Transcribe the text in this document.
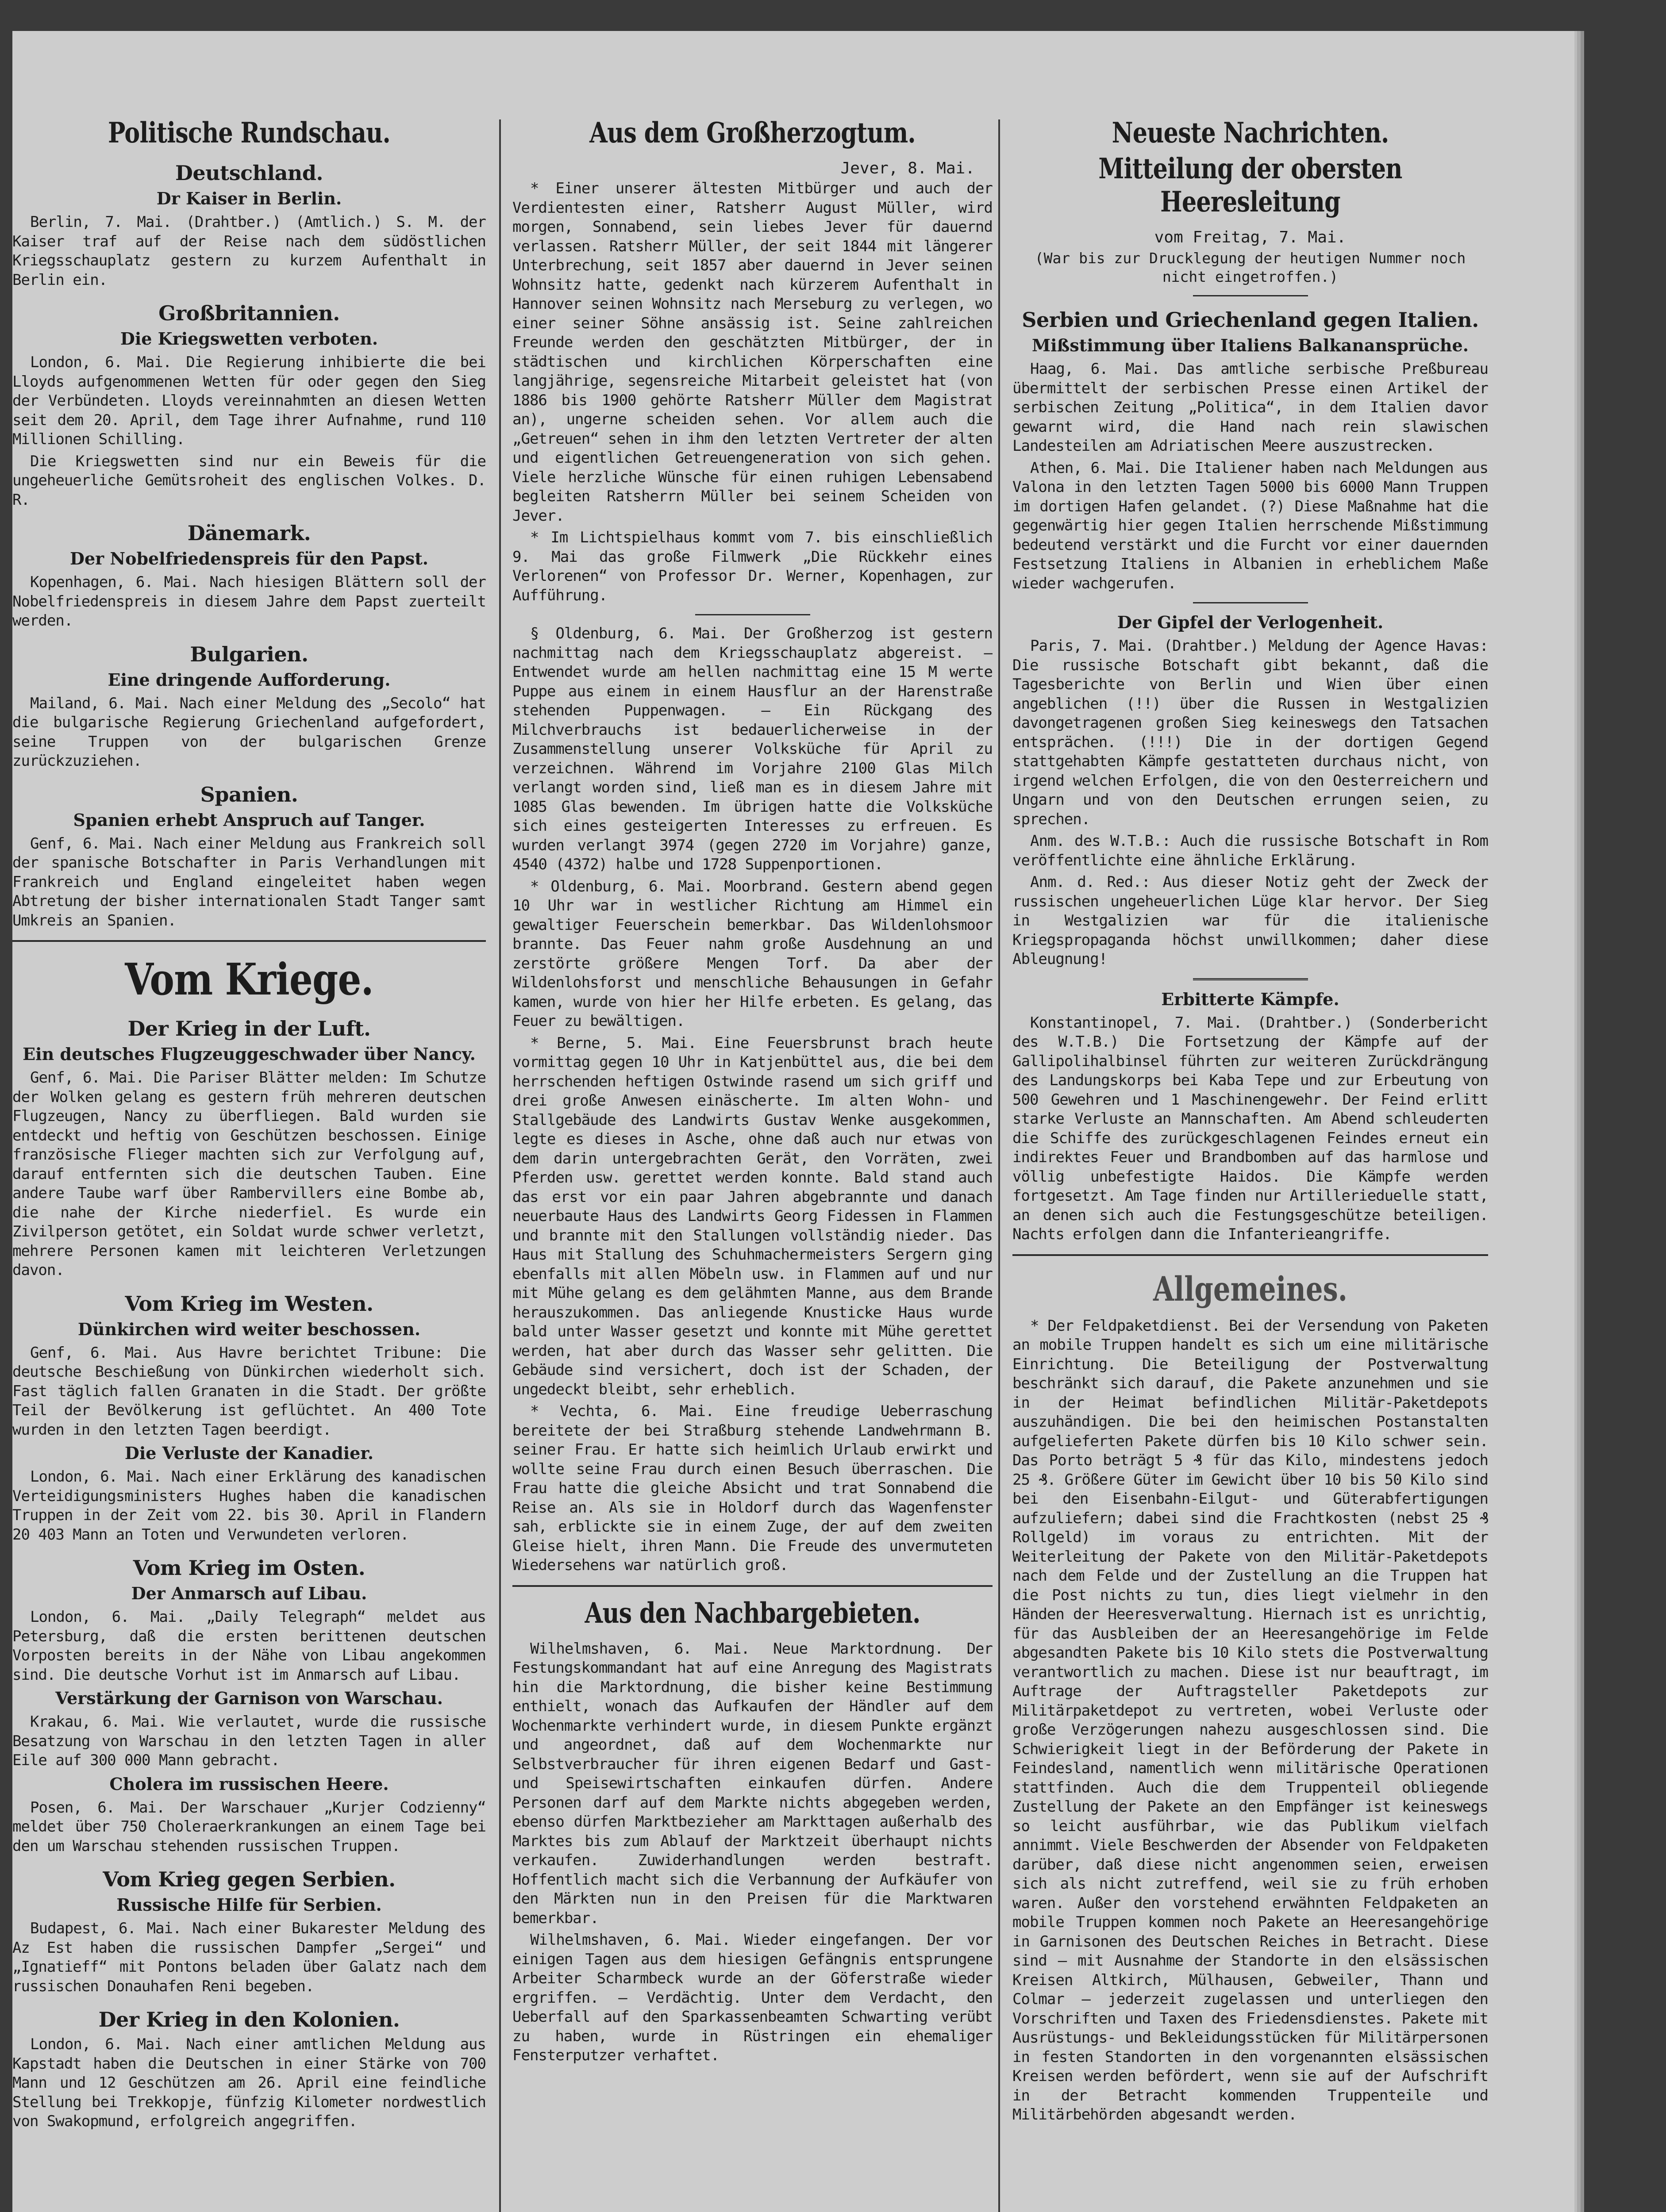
Politische Rundschau.
Deutschland.
Dr Kaiser in Berlin.

Berlin, 7. Mai. (Drahtber.) (Amtlich.) S. M. der Kaiser traf auf der Reise nach dem südöstlichen Kriegsschauplatz gestern zu kurzem Aufenthalt in Berlin ein.

Großbritannien.
Die Kriegswetten verboten.

London, 6. Mai. Die Regierung inhibierte die bei Lloyds aufgenommenen Wetten für oder gegen den Sieg der Verbündeten. Lloyds vereinnahmten an diesen Wetten seit dem 20. April, dem Tage ihrer Aufnahme, rund 110 Millionen Schilling.

Die Kriegswetten sind nur ein Beweis für die ungeheuerliche Gemütsroheit des englischen Volkes. D. R.

Dänemark.
Der Nobelfriedenspreis für den Papst.

Kopenhagen, 6. Mai. Nach hiesigen Blättern soll der Nobelfriedenspreis in diesem Jahre dem Papst zuerteilt werden.

Bulgarien.
Eine dringende Aufforderung.

Mailand, 6. Mai. Nach einer Meldung des „Secolo“ hat die bulgarische Regierung Griechenland aufgefordert, seine Truppen von der bulgarischen Grenze zurückzuziehen.

Spanien.
Spanien erhebt Anspruch auf Tanger.

Genf, 6. Mai. Nach einer Meldung aus Frankreich soll der spanische Botschafter in Paris Verhandlungen mit Frankreich und England eingeleitet haben wegen Abtretung der bisher internationalen Stadt Tanger samt Umkreis an Spanien.

Vom Kriege.
Der Krieg in der Luft.
Ein deutsches Flugzeuggeschwader über Nancy.

Genf, 6. Mai. Die Pariser Blätter melden: Im Schutze der Wolken gelang es gestern früh mehreren deutschen Flugzeugen, Nancy zu überfliegen. Bald wurden sie entdeckt und heftig von Geschützen beschossen. Einige französische Flieger machten sich zur Verfolgung auf, darauf entfernten sich die deutschen Tauben. Eine andere Taube warf über Rambervillers eine Bombe ab, die nahe der Kirche niederfiel. Es wurde ein Zivilperson getötet, ein Soldat wurde schwer verletzt, mehrere Personen kamen mit leichteren Verletzungen davon.

Vom Krieg im Westen.
Dünkirchen wird weiter beschossen.

Genf, 6. Mai. Aus Havre berichtet Tribune: Die deutsche Beschießung von Dünkirchen wiederholt sich. Fast täglich fallen Granaten in die Stadt. Der größte Teil der Bevölkerung ist geflüchtet. An 400 Tote wurden in den letzten Tagen beerdigt.

Die Verluste der Kanadier.

London, 6. Mai. Nach einer Erklärung des kanadischen Verteidigungsministers Hughes haben die kanadischen Truppen in der Zeit vom 22. bis 30. April in Flandern 20 403 Mann an Toten und Verwundeten verloren.

Vom Krieg im Osten.
Der Anmarsch auf Libau.

London, 6. Mai. „Daily Telegraph“ meldet aus Petersburg, daß die ersten berittenen deutschen Vorposten bereits in der Nähe von Libau angekommen sind. Die deutsche Vorhut ist im Anmarsch auf Libau.

Verstärkung der Garnison von Warschau.

Krakau, 6. Mai. Wie verlautet, wurde die russische Besatzung von Warschau in den letzten Tagen in aller Eile auf 300 000 Mann gebracht.

Cholera im russischen Heere.

Posen, 6. Mai. Der Warschauer „Kurjer Codzienny“ meldet über 750 Cholerаerkrankungen an einem Tage bei den um Warschau stehenden russischen Truppen.

Vom Krieg gegen Serbien.
Russische Hilfe für Serbien.

Budapest, 6. Mai. Nach einer Bukarester Meldung des Az Est haben die russischen Dampfer „Sergei“ und „Ignatieff“ mit Pontons beladen über Galatz nach dem russischen Donauhafen Reni begeben.

Der Krieg in den Kolonien.

London, 6. Mai. Nach einer amtlichen Meldung aus Kapstadt haben die Deutschen in einer Stärke von 700 Mann und 12 Geschützen am 26. April eine feindliche Stellung bei Trekkopje, fünfzig Kilometer nordwestlich von Swakopmund, erfolgreich angegriffen.

Aus dem Großherzogtum.

Jever, 8. Mai.

* Einer unserer ältesten Mitbürger und auch der Verdientesten einer, Ratsherr August Müller, wird morgen, Sonnabend, sein liebes Jever für dauernd verlassen. Ratsherr Müller, der seit 1844 mit längerer Unterbrechung, seit 1857 aber dauernd in Jever seinen Wohnsitz hatte, gedenkt nach kürzerem Aufenthalt in Hannover seinen Wohnsitz nach Merseburg zu verlegen, wo einer seiner Söhne ansässig ist. Seine zahlreichen Freunde werden den geschätzten Mitbürger, der in städtischen und kirchlichen Körperschaften eine langjährige, segensreiche Mitarbeit geleistet hat (von 1886 bis 1900 gehörte Ratsherr Müller dem Magistrat an), ungerne scheiden sehen. Vor allem auch die „Getreuen“ sehen in ihm den letzten Vertreter der alten und eigentlichen Getreuengeneration von sich gehen. Viele herzliche Wünsche für einen ruhigen Lebensabend begleiten Ratsherrn Müller bei seinem Scheiden von Jever.

* Im Lichtspielhaus kommt vom 7. bis einschließlich 9. Mai das große Filmwerk „Die Rückkehr eines Verlorenen“ von Professor Dr. Werner, Kopenhagen, zur Aufführung.

§ Oldenburg, 6. Mai. Der Großherzog ist gestern nachmittag nach dem Kriegsschauplatz abgereist. — Entwendet wurde am hellen nachmittag eine 15 M werte Puppe aus einem in einem Hausflur an der Harenstraße stehenden Puppenwagen. — Ein Rückgang des Milchverbrauchs ist bedauerlicherweise in der Zusammenstellung unserer Volksküche für April zu verzeichnen. Während im Vorjahre 2100 Glas Milch verlangt worden sind, ließ man es in diesem Jahre mit 1085 Glas bewenden. Im übrigen hatte die Volksküche sich eines gesteigerten Interesses zu erfreuen. Es wurden verlangt 3974 (gegen 2720 im Vorjahre) ganze, 4540 (4372) halbe und 1728 Suppenportionen.

* Oldenburg, 6. Mai. Moorbrand. Gestern abend gegen 10 Uhr war in westlicher Richtung am Himmel ein gewaltiger Feuerschein bemerkbar. Das Wildenlohsmoor brannte. Das Feuer nahm große Ausdehnung an und zerstörte größere Mengen Torf. Da aber der Wildenlohsforst und menschliche Behausungen in Gefahr kamen, wurde von hier her Hilfe erbeten. Es gelang, das Feuer zu bewältigen.

* Berne, 5. Mai. Eine Feuersbrunst brach heute vormittag gegen 10 Uhr in Katjenbüttel aus, die bei dem herrschenden heftigen Ostwinde rasend um sich griff und drei große Anwesen einäscherte. Im alten Wohn- und Stallgebäude des Landwirts Gustav Wenke ausgekommen, legte es dieses in Asche, ohne daß auch nur etwas von dem darin untergebrachten Gerät, den Vorräten, zwei Pferden usw. gerettet werden konnte. Bald stand auch das erst vor ein paar Jahren abgebrannte und danach neuerbaute Haus des Landwirts Georg Fidessen in Flammen und brannte mit den Stallungen vollständig nieder. Das Haus mit Stallung des Schuhmachermeisters Sergern ging ebenfalls mit allen Möbeln usw. in Flammen auf und nur mit Mühe gelang es dem gelähmten Manne, aus dem Brande herauszukommen. Das anliegende Knusticke Haus wurde bald unter Wasser gesetzt und konnte mit Mühe gerettet werden, hat aber durch das Wasser sehr gelitten. Die Gebäude sind versichert, doch ist der Schaden, der ungedeckt bleibt, sehr erheblich.

* Vechta, 6. Mai. Eine freudige Ueberraschung bereitete der bei Straßburg stehende Landwehrmann B. seiner Frau. Er hatte sich heimlich Urlaub erwirkt und wollte seine Frau durch einen Besuch überraschen. Die Frau hatte die gleiche Absicht und trat Sonnabend die Reise an. Als sie in Holdorf durch das Wagenfenster sah, erblickte sie in einem Zuge, der auf dem zweiten Gleise hielt, ihren Mann. Die Freude des unvermuteten Wiedersehens war natürlich groß.

Aus den Nachbargebieten.

Wilhelmshaven, 6. Mai. Neue Marktordnung. Der Festungskommandant hat auf eine Anregung des Magistrats hin die Marktordnung, die bisher keine Bestimmung enthielt, wonach das Aufkaufen der Händler auf dem Wochenmarkte verhindert wurde, in diesem Punkte ergänzt und angeordnet, daß auf dem Wochenmarkte nur Selbstverbraucher für ihren eigenen Bedarf und Gast- und Speisewirtschaften einkaufen dürfen. Andere Personen darf auf dem Markte nichts abgegeben werden, ebenso dürfen Marktbezieher am Markttagen außerhalb des Marktes bis zum Ablauf der Marktzeit überhaupt nichts verkaufen. Zuwiderhandlungen werden bestraft. Hoffentlich macht sich die Verbannung der Aufkäufer von den Märkten nun in den Preisen für die Marktwaren bemerkbar.

Wilhelmshaven, 6. Mai. Wieder eingefangen. Der vor einigen Tagen aus dem hiesigen Gefängnis entsprungene Arbeiter Scharmbeck wurde an der Göferstraße wieder ergriffen. — Verdächtig. Unter dem Verdacht, den Ueberfall auf den Sparkassenbeamten Schwarting verübt zu haben, wurde in Rüstringen ein ehemaliger Fensterputzer verhaftet.

Neueste Nachrichten.
Mitteilung der obersten Heeresleitung

vom Freitag, 7. Mai.

(War bis zur Drucklegung der heutigen Nummer noch nicht eingetroffen.)

Serbien und Griechenland gegen Italien.
Mißstimmung über Italiens Balkanansprüche.

Haag, 6. Mai. Das amtliche serbische Preßbureau übermittelt der serbischen Presse einen Artikel der serbischen Zeitung „Politica“, in dem Italien davor gewarnt wird, die Hand nach rein slawischen Landesteilen am Adriatischen Meere auszustrecken.

Athen, 6. Mai. Die Italiener haben nach Meldungen aus Valona in den letzten Tagen 5000 bis 6000 Mann Truppen im dortigen Hafen gelandet. (?) Diese Maßnahme hat die gegenwärtig hier gegen Italien herrschende Mißstimmung bedeutend verstärkt und die Furcht vor einer dauernden Festsetzung Italiens in Albanien in erheblichem Maße wieder wachgerufen.

Der Gipfel der Verlogenheit.

Paris, 7. Mai. (Drahtber.) Meldung der Agence Havas: Die russische Botschaft gibt bekannt, daß die Tagesberichte von Berlin und Wien über einen angeblichen (!!) über die Russen in Westgalizien davongetragenen großen Sieg keineswegs den Tatsachen entsprächen. (!!!) Die in der dortigen Gegend stattgehabten Kämpfe gestatteten durchaus nicht, von irgend welchen Erfolgen, die von den Oesterreichern und Ungarn und von den Deutschen errungen seien, zu sprechen.

Anm. des W.T.B.: Auch die russische Botschaft in Rom veröffentlichte eine ähnliche Erklärung.

Anm. d. Red.: Aus dieser Notiz geht der Zweck der russischen ungeheuerlichen Lüge klar hervor. Der Sieg in Westgalizien war für die italienische Kriegspropaganda höchst unwillkommen; daher diese Ableugnung!

Erbitterte Kämpfe.

Konstantinopel, 7. Mai. (Drahtber.) (Sonderbericht des W.T.B.) Die Fortsetzung der Kämpfe auf der Gallipolihalbinsel führten zur weiteren Zurückdrängung des Landungskorps bei Kaba Tepe und zur Erbeutung von 500 Gewehren und 1 Maschinengewehr. Der Feind erlitt starke Verluste an Mannschaften. Am Abend schleuderten die Schiffe des zurückgeschlagenen Feindes erneut ein indirektes Feuer und Brandbomben auf das harmlose und völlig unbefestigte Haidos. Die Kämpfe werden fortgesetzt. Am Tage finden nur Artilleriеduelle statt, an denen sich auch die Festungsgeschütze beteiligen. Nachts erfolgen dann die Infanterieangriffe.

Allgemeines.

* Der Feldpaketdienst. Bei der Versendung von Paketen an mobile Truppen handelt es sich um eine militärische Einrichtung. Die Beteiligung der Postverwaltung beschränkt sich darauf, die Pakete anzunehmen und sie in der Heimat befindlichen Militär-Paketdepots auszuhändigen. Die bei den heimischen Postanstalten aufgelieferten Pakete dürfen bis 10 Kilo schwer sein. Das Porto beträgt 5 ₰ für das Kilo, mindestens jedoch 25 ₰. Größere Güter im Gewicht über 10 bis 50 Kilo sind bei den Eisenbahn-Eilgut- und Güterabfertigungen aufzuliefern; dabei sind die Frachtkosten (nebst 25 ₰ Rollgeld) im voraus zu entrichten. Mit der Weiterleitung der Pakete von den Militär-Paketdepots nach dem Felde und der Zustellung an die Truppen hat die Post nichts zu tun, dies liegt vielmehr in den Händen der Heeresverwaltung. Hiernach ist es unrichtig, für das Ausbleiben der an Heeresangehörige im Felde abgesandten Pakete bis 10 Kilo stets die Postverwaltung verantwortlich zu machen. Diese ist nur beauftragt, im Auftrage der Auftragsteller Paketdepots zur Militärpaketdepot zu vertreten, wobei Verluste oder große Verzögerungen nahezu ausgeschlossen sind. Die Schwierigkeit liegt in der Beförderung der Pakete in Feindesland, namentlich wenn militärische Operationen stattfinden. Auch die dem Truppenteil obliegende Zustellung der Pakete an den Empfänger ist keineswegs so leicht ausführbar, wie das Publikum vielfach annimmt. Viele Beschwerden der Absender von Feldpaketen darüber, daß diese nicht angenommen seien, erweisen sich als nicht zutreffend, weil sie zu früh erhoben waren. Außer den vorstehend erwähnten Feldpaketen an mobile Truppen kommen noch Pakete an Heeresangehörige in Garnisonen des Deutschen Reiches in Betracht. Diese sind — mit Ausnahme der Standorte in den elsässischen Kreisen Altkirch, Mülhausen, Gebweiler, Thann und Colmar — jederzeit zugelassen und unterliegen den Vorschriften und Taxen des Friedensdienstes. Pakete mit Ausrüstungs- und Bekleidungsstücken für Militärpersonen in festen Standorten in den vorgenannten elsässischen Kreisen werden befördert, wenn sie auf der Aufschrift in der Betracht kommenden Truppenteile und Militärbehörden abgesandt werden.
